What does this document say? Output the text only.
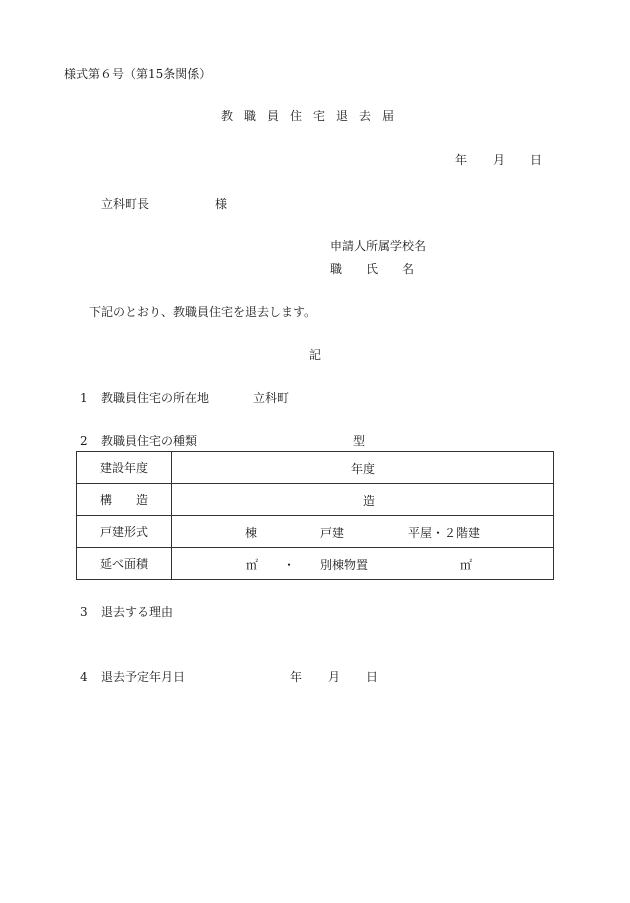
様式第６号（第15条関係）
教職員住宅退去届
年 月 日
立科町長	様
申請人所属学校名
職　　氏　　名
下記のとおり、教職員住宅を退去します。
記
1 教職員住宅の所在地	立科町
2 教職員住宅の種類	型
建設年度	年度

構　　造	造

戸建形式	棟 戸建 平屋・２階建

延べ面積	㎡ ・ 別棟物置 ㎡
3 退去する理由
4 退去予定年月日	年 月 日
